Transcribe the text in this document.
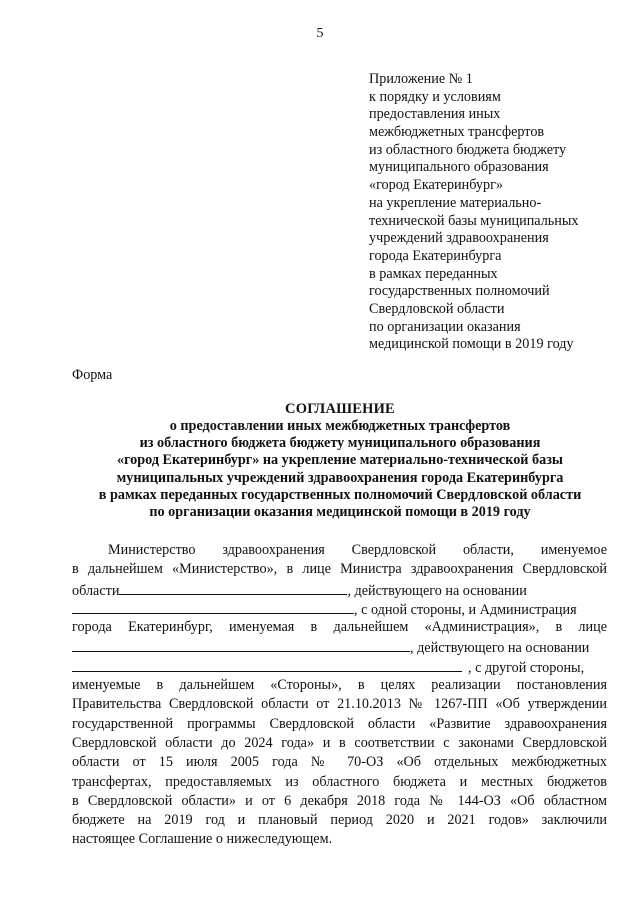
5
Приложение № 1
к порядку и условиям
предоставления иных
межбюджетных трансфертов
из областного бюджета бюджету
муниципального образования
«город Екатеринбург»
на укрепление материально-
технической базы муниципальных
учреждений здравоохранения
города Екатеринбурга
в рамках переданных
государственных полномочий
Свердловской области
по организации оказания
медицинской помощи в 2019 году
Форма
СОГЛАШЕНИЕ
о предоставлении иных межбюджетных трансфертов
из областного бюджета бюджету муниципального образования
«город Екатеринбург» на укрепление материально-технической базы
муниципальных учреждений здравоохранения города Екатеринбурга
в рамках переданных государственных полномочий Свердловской области
по организации оказания медицинской помощи в 2019 году
Министерство здравоохранения Свердловской области, именуемое
в дальнейшем «Министерство», в лице Министра здравоохранения Свердловской
области	, действующего на основании
, с одной стороны, и Администрация
города Екатеринбург, именуемая в дальнейшем «Администрация», в лице
, действующего на основании
, с другой стороны,
именуемые в дальнейшем «Стороны», в целях реализации постановления
Правительства Свердловской области от 21.10.2013 № 1267-ПП «Об утверждении
государственной программы Свердловской области «Развитие здравоохранения
Свердловской области до 2024 года» и в соответствии с законами Свердловской
области от 15 июля 2005 года № 70-ОЗ «Об отдельных межбюджетных
трансфертах, предоставляемых из областного бюджета и местных бюджетов
в Свердловской области» и от 6 декабря 2018 года № 144-ОЗ «Об областном
бюджете на 2019 год и плановый период 2020 и 2021 годов» заключили
настоящее Соглашение о нижеследующем.
